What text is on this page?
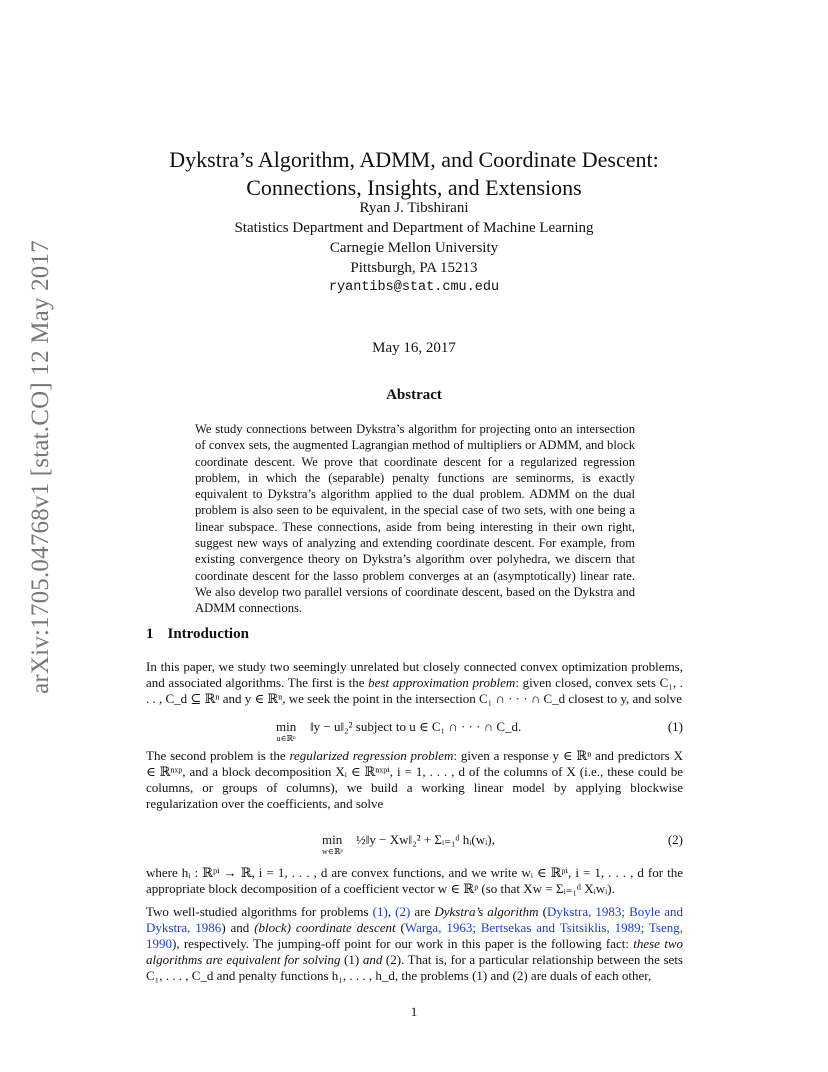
arXiv:1705.04768v1 [stat.CO] 12 May 2017
Dykstra’s Algorithm, ADMM, and Coordinate Descent:
Connections, Insights, and Extensions
Ryan J. Tibshirani
Statistics Department and Department of Machine Learning
Carnegie Mellon University
Pittsburgh, PA 15213
ryantibs@stat.cmu.edu
May 16, 2017
Abstract
We study connections between Dykstra’s algorithm for projecting onto an intersection of convex sets, the augmented Lagrangian method of multipliers or ADMM, and block coordinate descent. We prove that coordinate descent for a regularized regression problem, in which the (separable) penalty functions are seminorms, is exactly equivalent to Dykstra’s algorithm applied to the dual problem. ADMM on the dual problem is also seen to be equivalent, in the special case of two sets, with one being a linear subspace. These connections, aside from being interesting in their own right, suggest new ways of analyzing and extending coordinate descent. For example, from existing convergence theory on Dykstra’s algorithm over polyhedra, we discern that coordinate descent for the lasso problem converges at an (asymptotically) linear rate. We also develop two parallel versions of coordinate descent, based on the Dykstra and ADMM connections.
1 Introduction
In this paper, we study two seemingly unrelated but closely connected convex optimization problems, and associated algorithms. The first is the best approximation problem: given closed, convex sets C₁, . . . , C_d ⊆ ℝⁿ and y ∈ ℝⁿ, we seek the point in the intersection C₁ ∩ · · · ∩ C_d closest to y, and solve
min
u∈ℝⁿ
‖y − u‖₂² subject to u ∈ C₁ ∩ · · · ∩ C_d.	(1)
The second problem is the regularized regression problem: given a response y ∈ ℝⁿ and predictors X ∈ ℝⁿˣᵖ, and a block decomposition Xᵢ ∈ ℝⁿˣᵖⁱ, i = 1, . . . , d of the columns of X (i.e., these could be columns, or groups of columns), we build a working linear model by applying blockwise regularization over the coefficients, and solve
min
w∈ℝᵖ
½‖y − Xw‖₂² + Σᵢ₌₁ᵈ hᵢ(wᵢ),	(2)
where hᵢ : ℝᵖⁱ → ℝ, i = 1, . . . , d are convex functions, and we write wᵢ ∈ ℝᵖⁱ, i = 1, . . . , d for the appropriate block decomposition of a coefficient vector w ∈ ℝᵖ (so that Xw = Σᵢ₌₁ᵈ Xᵢwᵢ).
Two well-studied algorithms for problems (1), (2) are Dykstra’s algorithm (Dykstra, 1983; Boyle and Dykstra, 1986) and (block) coordinate descent (Warga, 1963; Bertsekas and Tsitsiklis, 1989; Tseng, 1990), respectively. The jumping-off point for our work in this paper is the following fact: these two algorithms are equivalent for solving (1) and (2). That is, for a particular relationship between the sets C₁, . . . , C_d and penalty functions h₁, . . . , h_d, the problems (1) and (2) are duals of each other,
1
